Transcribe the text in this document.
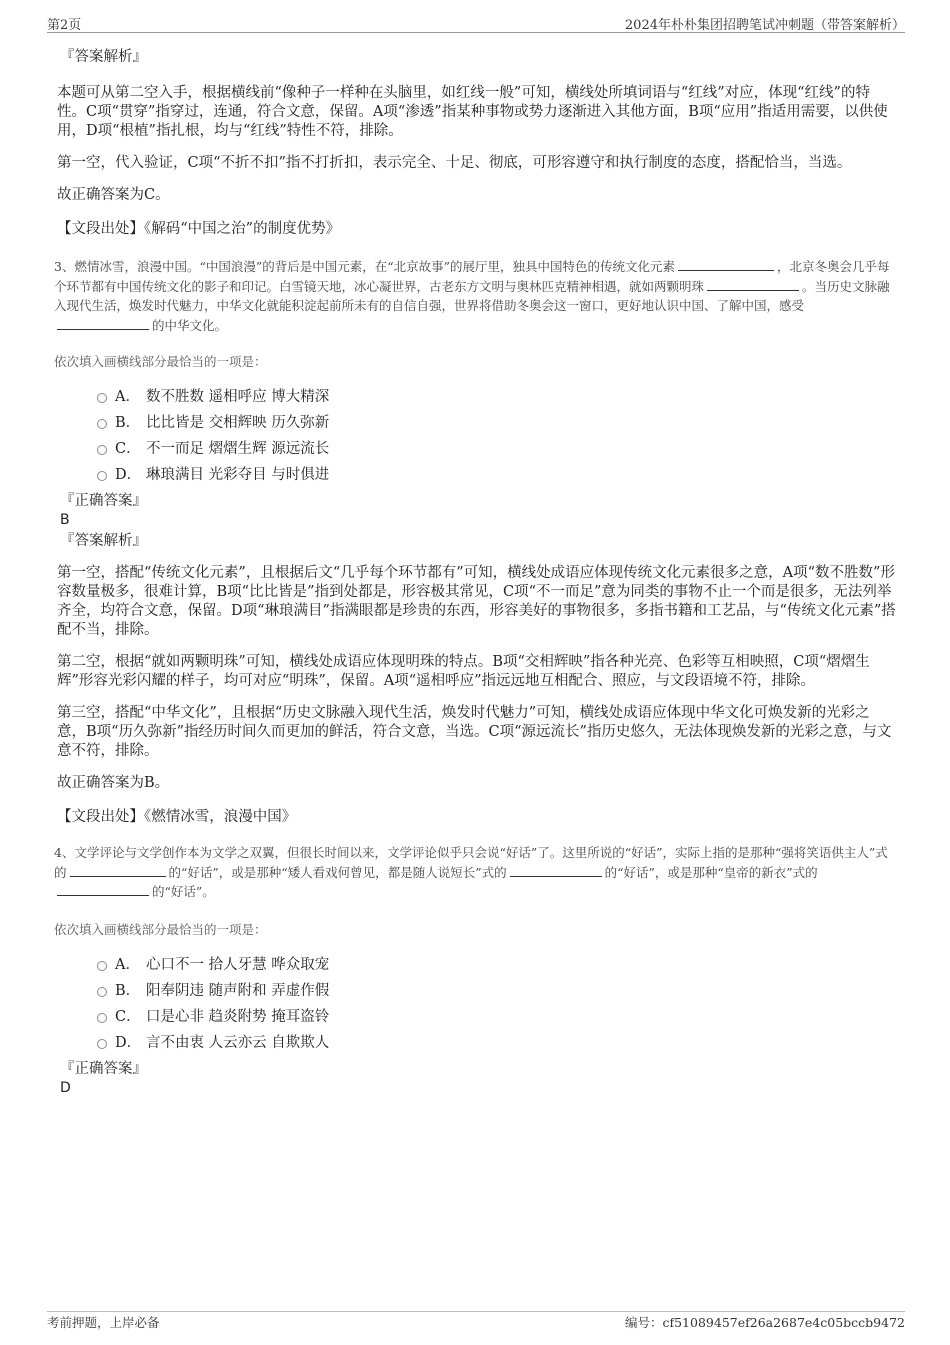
第2页	2024年朴朴集团招聘笔试冲刺题（带答案解析）
『答案解析』

本题可从第二空入手，根据横线前“像种子一样种在头脑里，如红线一般”可知，横线处所填词语与“红线”对应，体现“红线”的特性。C项“贯穿”指穿过，连通，符合文意，保留。A项“渗透”指某种事物或势力逐渐进入其他方面，B项“应用”指适用需要，以供使用，D项“根植”指扎根，均与“红线”特性不符，排除。

第一空，代入验证，C项“不折不扣”指不打折扣，表示完全、十足、彻底，可形容遵守和执行制度的态度，搭配恰当，当选。

故正确答案为C。

【文段出处】《解码“中国之治”的制度优势》

3、燃情冰雪，浪漫中国。“中国浪漫”的背后是中国元素，在“北京故事”的展厅里，独具中国特色的传统文化元素	，北京冬奥会几乎每个环节都有中国传统文化的影子和印记。白雪镜天地，冰心凝世界，古老东方文明与奥林匹克精神相遇，就如两颗明珠	。当历史文脉融入现代生活，焕发时代魅力，中华文化就能积淀起前所未有的自信自强，世界将借助冬奥会这一窗口，更好地认识中国、了解中国，感受的中华文化。
依次填入画横线部分最恰当的一项是：
A． 数不胜数 遥相呼应 博大精深
B． 比比皆是 交相辉映 历久弥新
C． 不一而足 熠熠生辉 源远流长
D． 琳琅满目 光彩夺目 与时俱进
『正确答案』
B
『答案解析』

第一空，搭配“传统文化元素”，且根据后文“几乎每个环节都有”可知，横线处成语应体现传统文化元素很多之意，A项“数不胜数”形容数量极多，很难计算，B项“比比皆是”指到处都是，形容极其常见，C项“不一而足”意为同类的事物不止一个而是很多，无法列举齐全，均符合文意，保留。D项“琳琅满目”指满眼都是珍贵的东西，形容美好的事物很多，多指书籍和工艺品，与“传统文化元素”搭配不当，排除。

第二空，根据“就如两颗明珠”可知，横线处成语应体现明珠的特点。B项“交相辉映”指各种光亮、色彩等互相映照，C项“熠熠生辉”形容光彩闪耀的样子，均可对应“明珠”，保留。A项“遥相呼应”指远远地互相配合、照应，与文段语境不符，排除。

第三空，搭配“中华文化”，且根据“历史文脉融入现代生活，焕发时代魅力”可知，横线处成语应体现中华文化可焕发新的光彩之意，B项“历久弥新”指经历时间久而更加的鲜活，符合文意，当选。C项“源远流长”指历史悠久，无法体现焕发新的光彩之意，与文意不符，排除。

故正确答案为B。

【文段出处】《燃情冰雪，浪漫中国》

4、文学评论与文学创作本为文学之双翼，但很长时间以来，文学评论似乎只会说“好话”了。这里所说的“好话”，实际上指的是那种“强将笑语供主人”式的	的“好话”，或是那种“矮人看戏何曾见，都是随人说短长”式的	的“好话”，或是那种“皇帝的新衣”式的的“好话”。
依次填入画横线部分最恰当的一项是：
A． 心口不一 拾人牙慧 哗众取宠
B． 阳奉阴违 随声附和 弄虚作假
C． 口是心非 趋炎附势 掩耳盗铃
D． 言不由衷 人云亦云 自欺欺人
『正确答案』
D
考前押题，上岸必备	编号：cf51089457ef26a2687e4c05bccb9472
